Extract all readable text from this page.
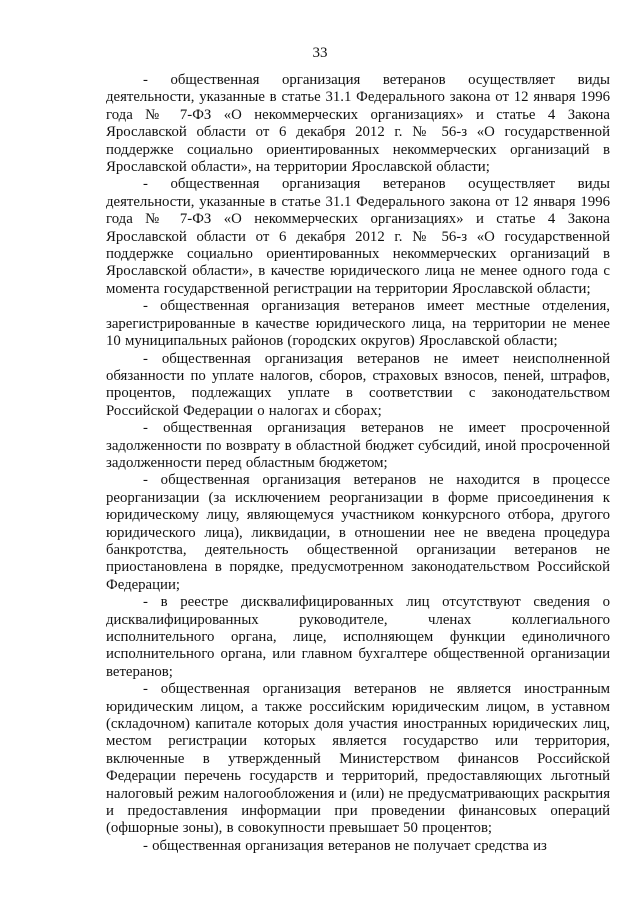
33

- общественная организация ветеранов осуществляет виды деятельности, указанные в статье 31.1 Федерального закона от 12 января 1996 года № 7-ФЗ «О некоммерческих организациях» и статье 4 Закона Ярославской области от 6 декабря 2012 г. № 56-з «О государственной поддержке социально ориентированных некоммерческих организаций в Ярославской области», на территории Ярославской области;

- общественная организация ветеранов осуществляет виды деятельности, указанные в статье 31.1 Федерального закона от 12 января 1996 года № 7-ФЗ «О некоммерческих организациях» и статье 4 Закона Ярославской области от 6 декабря 2012 г. № 56-з «О государственной поддержке социально ориентированных некоммерческих организаций в Ярославской области», в качестве юридического лица не менее одного года с момента государственной регистрации на территории Ярославской области;

- общественная организация ветеранов имеет местные отделения, зарегистрированные в качестве юридического лица, на территории не менее 10 муниципальных районов (городских округов) Ярославской области;

- общественная организация ветеранов не имеет неисполненной обязанности по уплате налогов, сборов, страховых взносов, пеней, штрафов, процентов, подлежащих уплате в соответствии с законодательством Российской Федерации о налогах и сборах;

- общественная организация ветеранов не имеет просроченной задолженности по возврату в областной бюджет субсидий, иной просроченной задолженности перед областным бюджетом;

- общественная организация ветеранов не находится в процессе реорганизации (за исключением реорганизации в форме присоединения к юридическому лицу, являющемуся участником конкурсного отбора, другого юридического лица), ликвидации, в отношении нее не введена процедура банкротства, деятельность общественной организации ветеранов не приостановлена в порядке, предусмотренном законодательством Российской Федерации;

- в реестре дисквалифицированных лиц отсутствуют сведения о дисквалифицированных руководителе, членах коллегиального исполнительного органа, лице, исполняющем функции единоличного исполнительного органа, или главном бухгалтере общественной организации ветеранов;

- общественная организация ветеранов не является иностранным юридическим лицом, а также российским юридическим лицом, в уставном (складочном) капитале которых доля участия иностранных юридических лиц, местом регистрации которых является государство или территория, включенные в утвержденный Министерством финансов Российской Федерации перечень государств и территорий, предоставляющих льготный налоговый режим налогообложения и (или) не предусматривающих раскрытия и предоставления информации при проведении финансовых операций (офшорные зоны), в совокупности превышает 50 процентов;

- общественная организация ветеранов не получает средства из
